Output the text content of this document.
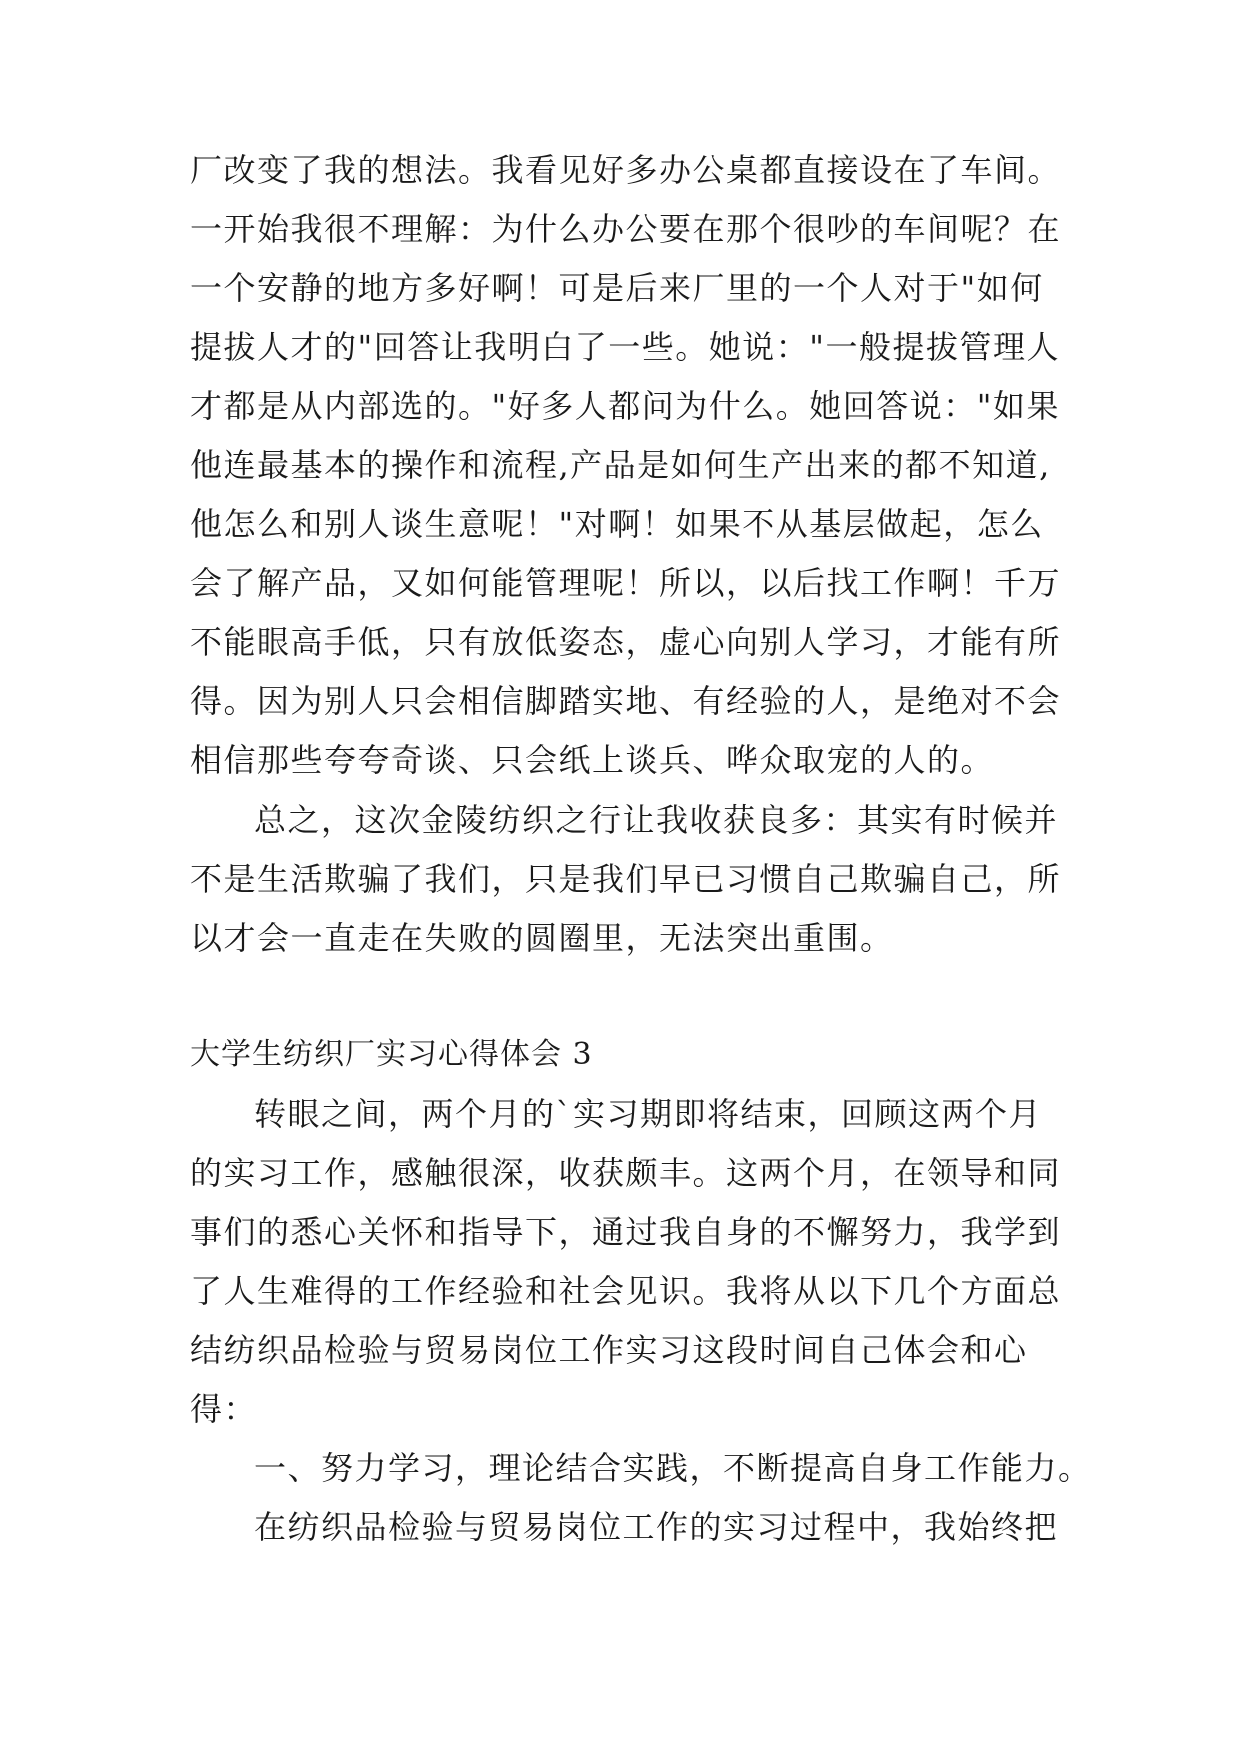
厂改变了我的想法。我看见好多办公桌都直接设在了车间。
一开始我很不理解：为什么办公要在那个很吵的车间呢？在
一个安静的地方多好啊！可是后来厂里的一个人对于"如何
提拔人才的"回答让我明白了一些。她说："一般提拔管理人
才都是从内部选的。"好多人都问为什么。她回答说："如果
他连最基本的操作和流程,产品是如何生产出来的都不知道,
他怎么和别人谈生意呢！"对啊！如果不从基层做起，怎么
会了解产品，又如何能管理呢！所以，以后找工作啊！千万
不能眼高手低，只有放低姿态，虚心向别人学习，才能有所
得。因为别人只会相信脚踏实地、有经验的人，是绝对不会
相信那些夸夸奇谈、只会纸上谈兵、哗众取宠的人的。
总之，这次金陵纺织之行让我收获良多：其实有时候并
不是生活欺骗了我们，只是我们早已习惯自己欺骗自己，所
以才会一直走在失败的圆圈里，无法突出重围。
大学生纺织厂实习心得体会 3
转眼之间，两个月的`实习期即将结束，回顾这两个月
的实习工作，感触很深，收获颇丰。这两个月，在领导和同
事们的悉心关怀和指导下，通过我自身的不懈努力，我学到
了人生难得的工作经验和社会见识。我将从以下几个方面总
结纺织品检验与贸易岗位工作实习这段时间自己体会和心
得：
一、努力学习，理论结合实践，不断提高自身工作能力。
在纺织品检验与贸易岗位工作的实习过程中，我始终把
